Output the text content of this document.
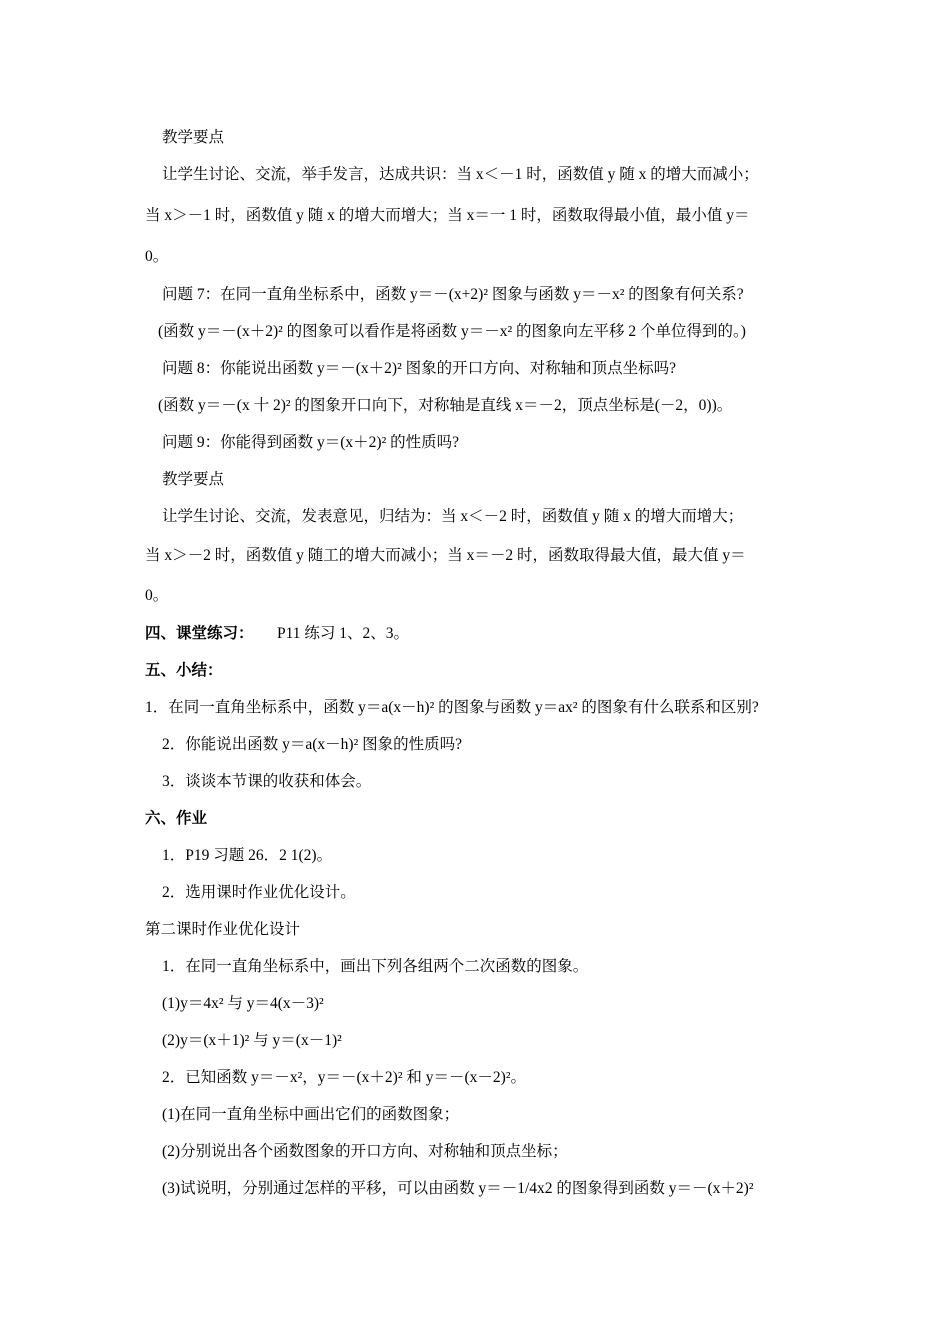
教学要点
让学生讨论、交流，举手发言，达成共识：当 x＜－1 时，函数值 y 随 x 的增大而减小；
当 x＞－1 时，函数值 y 随 x 的增大而增大；当 x＝一 1 时，函数取得最小值，最小值 y＝
0。
问题 7：在同一直角坐标系中，函数 y＝－(x+2)² 图象与函数 y＝－x² 的图象有何关系?
(函数 y＝－(x＋2)² 的图象可以看作是将函数 y＝－x² 的图象向左平移 2 个单位得到的。)
问题 8：你能说出函数 y＝－(x＋2)² 图象的开口方向、对称轴和顶点坐标吗?
(函数 y＝－(x 十 2)² 的图象开口向下，对称轴是直线 x＝－2，顶点坐标是(－2，0))。
问题 9：你能得到函数 y＝(x＋2)² 的性质吗?
教学要点
让学生讨论、交流，发表意见，归结为：当 x＜－2 时，函数值 y 随 x 的增大而增大；
当 x＞－2 时，函数值 y 随工的增大而减小；当 x＝－2 时，函数取得最大值，最大值 y＝
0。
四、课堂练习： P11 练习 1、2、3。
五、小结：
1．在同一直角坐标系中，函数 y＝a(x－h)² 的图象与函数 y＝ax² 的图象有什么联系和区别?
2．你能说出函数 y＝a(x－h)² 图象的性质吗?
3．谈谈本节课的收获和体会。
六、作业
1．P19 习题 26．2 1(2)。
2．选用课时作业优化设计。
第二课时作业优化设计
1．在同一直角坐标系中，画出下列各组两个二次函数的图象。
(1)y＝4x² 与 y＝4(x－3)²
(2)y＝(x＋1)² 与 y＝(x－1)²
2．已知函数 y＝－x²，y＝－(x＋2)² 和 y＝－(x－2)²。
(1)在同一直角坐标中画出它们的函数图象；
(2)分别说出各个函数图象的开口方向、对称轴和顶点坐标；
(3)试说明，分别通过怎样的平移，可以由函数 y＝－1/4x2 的图象得到函数 y＝－(x＋2)²
